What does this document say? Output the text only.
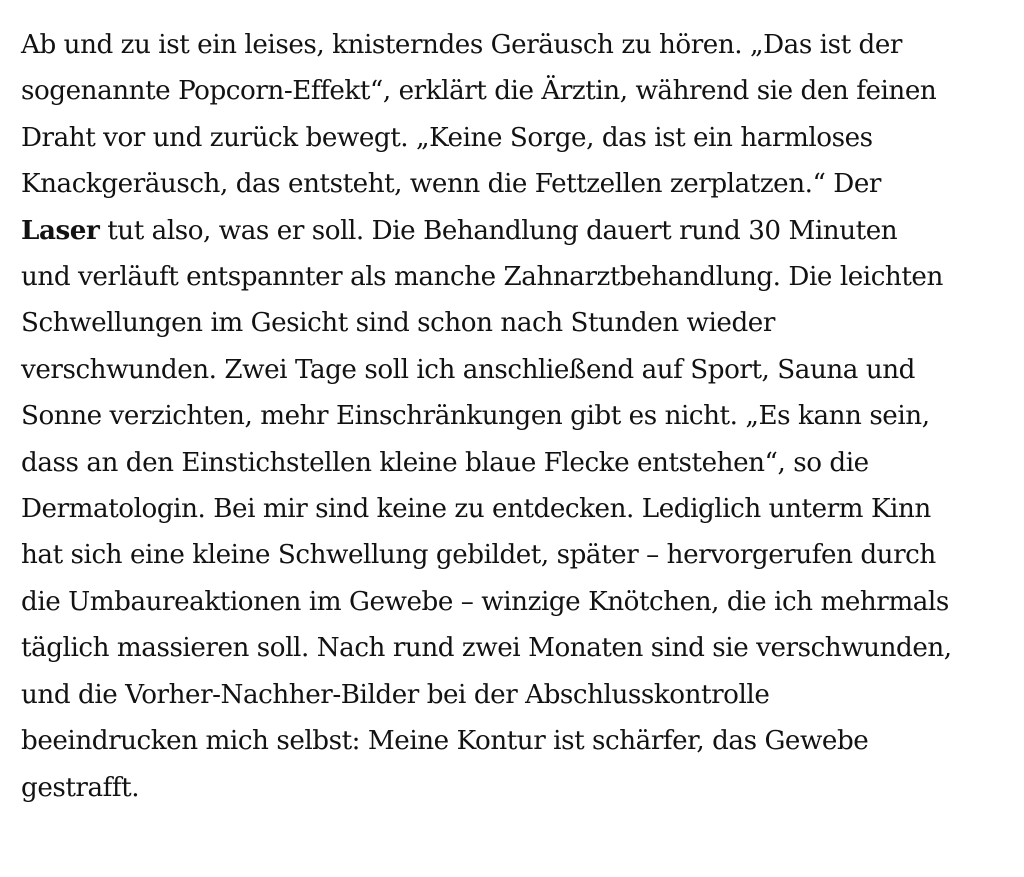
Ab und zu ist ein leises, knisterndes Geräusch zu hören. „Das ist der
sogenannte Popcorn-Effekt“, erklärt die Ärztin, während sie den feinen
Draht vor und zurück bewegt. „Keine Sorge, das ist ein harmloses
Knackgeräusch, das entsteht, wenn die Fettzellen zerplatzen.“ Der
Laser tut also, was er soll. Die Behandlung dauert rund 30 Minuten
und verläuft entspannter als manche Zahnarztbehandlung. Die leichten
Schwellungen im Gesicht sind schon nach Stunden wieder
verschwunden. Zwei Tage soll ich anschließend auf Sport, Sauna und
Sonne verzichten, mehr Einschränkungen gibt es nicht. „Es kann sein,
dass an den Einstichstellen kleine blaue Flecke entstehen“, so die
Dermatologin. Bei mir sind keine zu entdecken. Lediglich unterm Kinn
hat sich eine kleine Schwellung gebildet, später – hervorgerufen durch
die Umbaureaktionen im Gewebe – winzige Knötchen, die ich mehrmals
täglich massieren soll. Nach rund zwei Monaten sind sie verschwunden,
und die Vorher-Nachher-Bilder bei der Abschlusskontrolle
beeindrucken mich selbst: Meine Kontur ist schärfer, das Gewebe
gestrafft.
